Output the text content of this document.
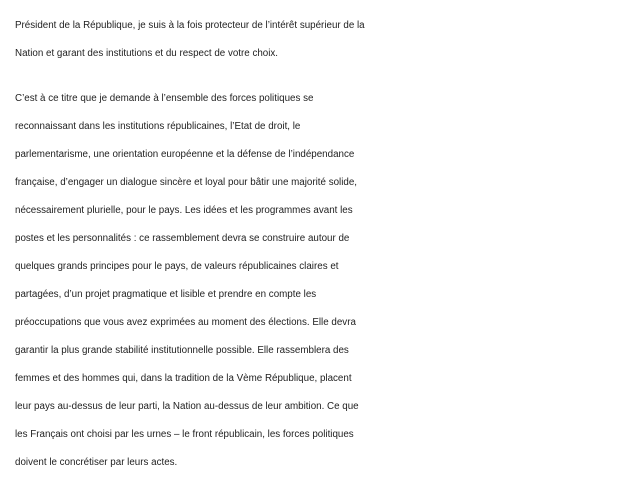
Président de la République, je suis à la fois protecteur de l’intérêt supérieur de la
Nation et garant des institutions et du respect de votre choix.

C’est à ce titre que je demande à l’ensemble des forces politiques se
reconnaissant dans les institutions républicaines, l’Etat de droit, le
parlementarisme, une orientation européenne et la défense de l’indépendance
française, d’engager un dialogue sincère et loyal pour bâtir une majorité solide,
nécessairement plurielle, pour le pays. Les idées et les programmes avant les
postes et les personnalités : ce rassemblement devra se construire autour de
quelques grands principes pour le pays, de valeurs républicaines claires et
partagées, d’un projet pragmatique et lisible et prendre en compte les
préoccupations que vous avez exprimées au moment des élections. Elle devra
garantir la plus grande stabilité institutionnelle possible. Elle rassemblera des
femmes et des hommes qui, dans la tradition de la Vème République, placent
leur pays au-dessus de leur parti, la Nation au-dessus de leur ambition. Ce que
les Français ont choisi par les urnes – le front républicain, les forces politiques
doivent le concrétiser par leurs actes.
